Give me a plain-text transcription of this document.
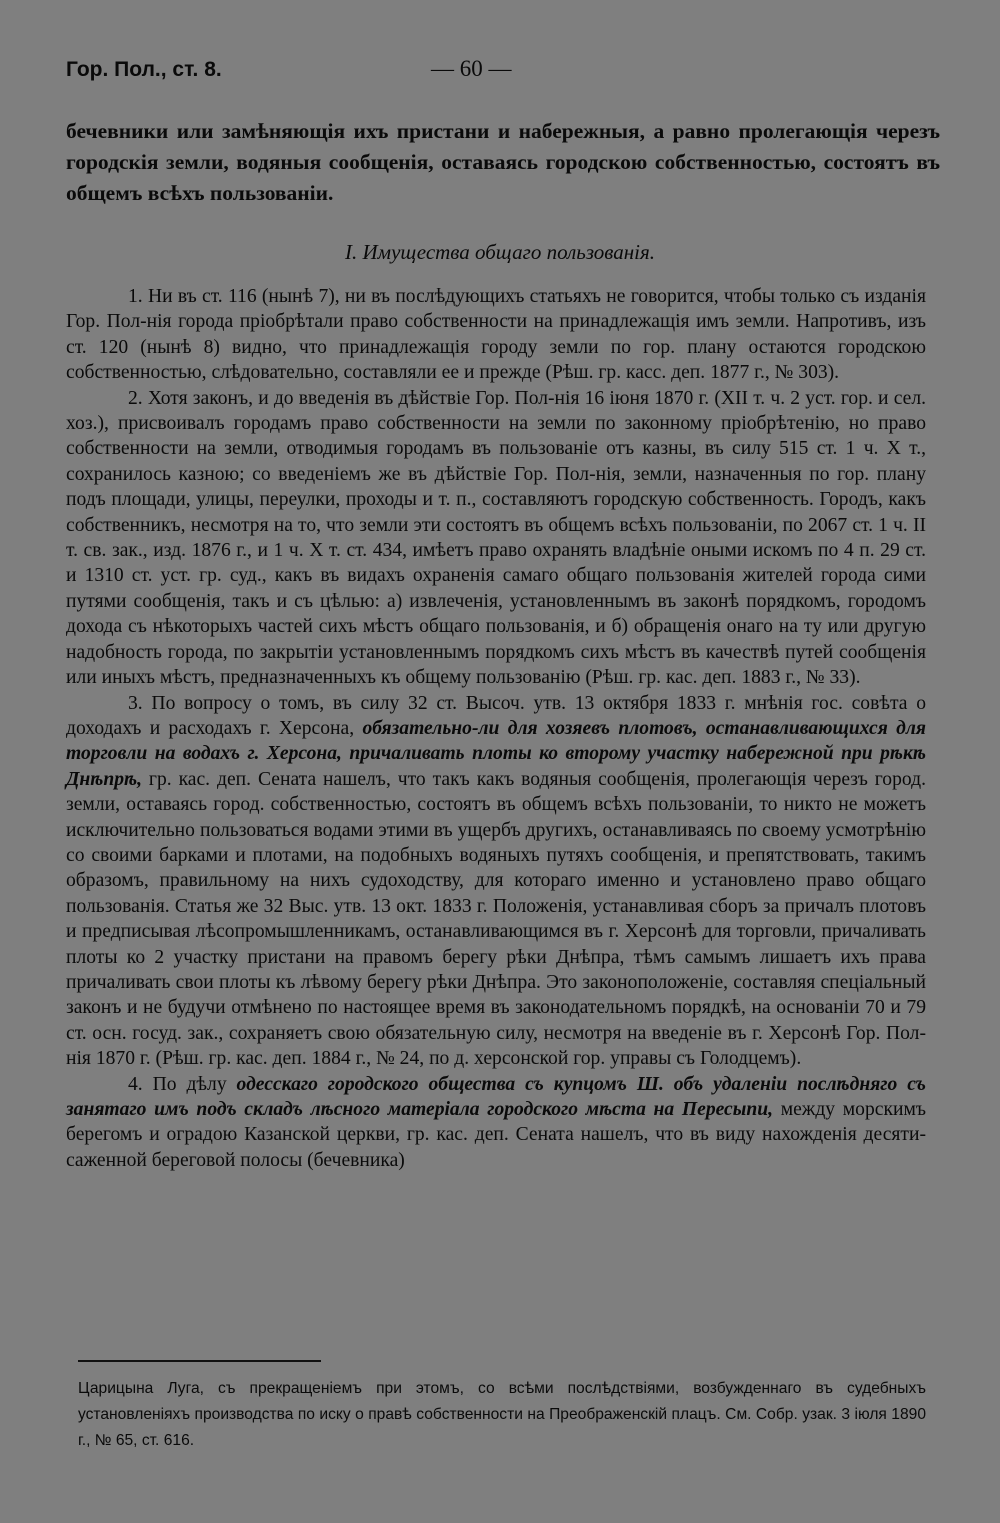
Гор. Пол., ст. 8.	— 60 —
бечевники или замѣняющія ихъ пристани и набережныя, а равно пролегающія черезъ городскія земли, водяныя сообщенія, оставаясь городскою собственностью, состоятъ въ общемъ всѣхъ пользованіи.
I. Имущества общаго пользованія.

1. Ни въ ст. 116 (нынѣ 7), ни въ послѣдующихъ статьяхъ не говорится, чтобы только съ изданія Гор. Пол-нія города пріобрѣтали право собственности на принадлежащія имъ земли. Напротивъ, изъ ст. 120 (нынѣ 8) видно, что принадлежащія городу земли по гор. плану остаются городскою собственностью, слѣдовательно, составляли ее и прежде (Рѣш. гр. касс. деп. 1877 г., № 303).

2. Хотя законъ, и до введенія въ дѣйствіе Гор. Пол-нія 16 іюня 1870 г. (XII т. ч. 2 уст. гор. и сел. хоз.), присвоивалъ городамъ право собственности на земли по законному пріобрѣтенію, но право собственности на земли, отводимыя городамъ въ пользованіе отъ казны, въ силу 515 ст. 1 ч. X т., сохранилось казною; со введеніемъ же въ дѣйствіе Гор. Пол-нія, земли, назначенныя по гор. плану подъ площади, улицы, переулки, проходы и т. п., составляютъ городскую собственность. Городъ, какъ собственникъ, несмотря на то, что земли эти состоятъ въ общемъ всѣхъ пользованіи, по 2067 ст. 1 ч. II т. св. зак., изд. 1876 г., и 1 ч. X т. ст. 434, имѣетъ право охранять владѣніе оными искомъ по 4 п. 29 ст. и 1310 ст. уст. гр. суд., какъ въ видахъ охраненія самаго общаго пользованія жителей города сими путями сообщенія, такъ и съ цѣлью: а) извлеченія, установленнымъ въ законѣ порядкомъ, городомъ дохода съ нѣкоторыхъ частей сихъ мѣстъ общаго пользованія, и б) обращенія онаго на ту или другую надобность города, по закрытіи установленнымъ порядкомъ сихъ мѣстъ въ качествѣ путей сообщенія или иныхъ мѣстъ, предназначенныхъ къ общему пользованію (Рѣш. гр. кас. деп. 1883 г., № 33).

3. По вопросу о томъ, въ силу 32 ст. Высоч. утв. 13 октября 1833 г. мнѣнія гос. совѣта о доходахъ и расходахъ г. Херсона, обязательно-ли для хозяевъ плотовъ, останавливающихся для торговли на водахъ г. Херсона, причаливать плоты ко второму участку набережной при рѣкѣ Днѣпрѣ, гр. кас. деп. Сената нашелъ, что такъ какъ водяныя сообщенія, пролегающія черезъ город. земли, оставаясь город. собственностью, состоятъ въ общемъ всѣхъ пользованіи, то никто не можетъ исключительно пользоваться водами этими въ ущербъ другихъ, останавливаясь по своему усмотрѣнію со своими барками и плотами, на подобныхъ водяныхъ путяхъ сообщенія, и препятствовать, такимъ образомъ, правильному на нихъ судоходству, для котораго именно и установлено право общаго пользованія. Статья же 32 Выс. утв. 13 окт. 1833 г. Положенія, устанавливая сборъ за причалъ плотовъ и предписывая лѣсопромышленникамъ, останавливающимся въ г. Херсонѣ для торговли, причаливать плоты ко 2 участку пристани на правомъ берегу рѣки Днѣпра, тѣмъ самымъ лишаетъ ихъ права причаливать свои плоты къ лѣвому берегу рѣки Днѣпра. Это законоположеніе, составляя спеціальный законъ и не будучи отмѣнено по настоящее время въ законодательномъ порядкѣ, на основаніи 70 и 79 ст. осн. госуд. зак., сохраняетъ свою обязательную силу, несмотря на введеніе въ г. Херсонѣ Гор. Пол-нія 1870 г. (Рѣш. гр. кас. деп. 1884 г., № 24, по д. херсонской гор. управы съ Голодцемъ).

4. По дѣлу одесскаго городского общества съ купцомъ Ш. объ удаленіи послѣдняго съ занятаго имъ подъ складъ лѣсного матеріала городского мѣста на Пересыпи, между морскимъ берегомъ и оградою Казанской церкви, гр. кас. деп. Сената нашелъ, что въ виду нахожденія десяти-саженной береговой полосы (бечевника)

Царицына Луга, съ прекращеніемъ при этомъ, со всѣми послѣдствіями, возбужденнаго въ судебныхъ установленіяхъ производства по иску о правѣ собственности на Преображенскій плацъ. См. Собр. узак. 3 іюля 1890 г., № 65, ст. 616.
